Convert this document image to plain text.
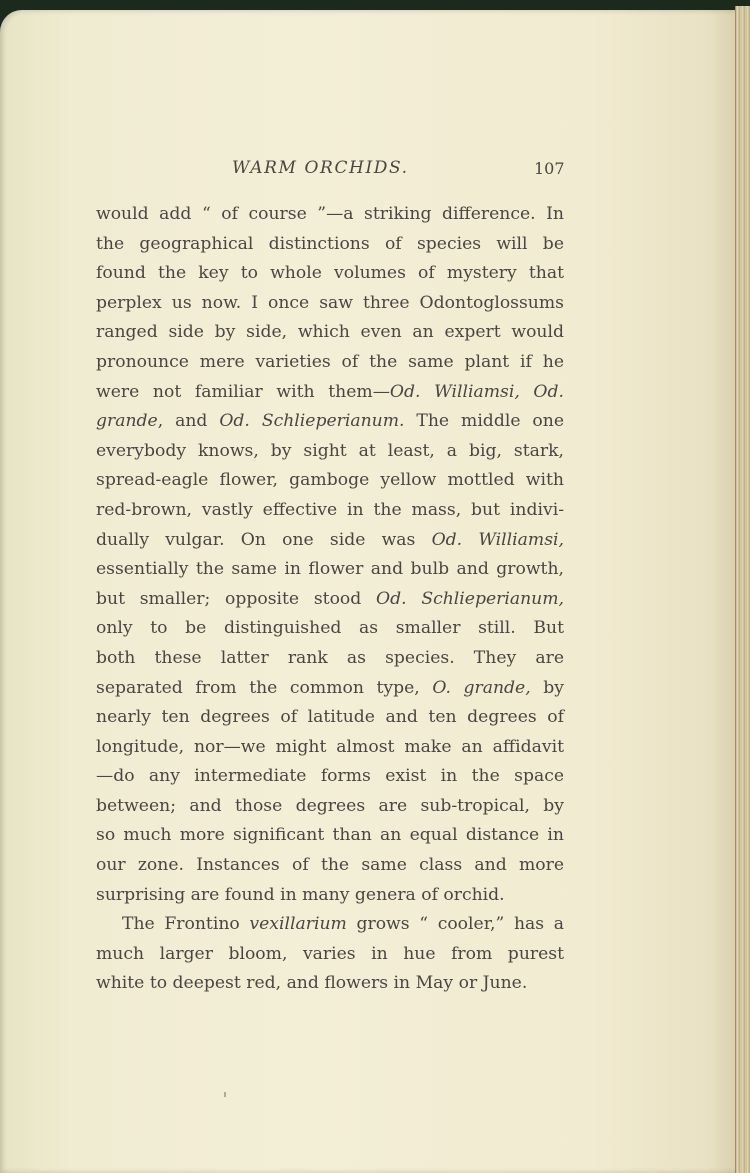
WARM ORCHIDS.	107
would add “ of course ”—a striking difference. In
the geographical distinctions of species will be
found the key to whole volumes of mystery that
perplex us now. I once saw three Odontoglossums
ranged side by side, which even an expert would
pronounce mere varieties of the same plant if he
were not familiar with them—Od. Williamsi, Od.
grande, and Od. Schlieperianum. The middle one
everybody knows, by sight at least, a big, stark,
spread-eagle flower, gamboge yellow mottled with
red-brown, vastly effective in the mass, but indivi-
dually vulgar. On one side was Od. Williamsi,
essentially the same in flower and bulb and growth,
but smaller; opposite stood Od. Schlieperianum,
only to be distinguished as smaller still. But
both these latter rank as species. They are
separated from the common type, O. grande, by
nearly ten degrees of latitude and ten degrees of
longitude, nor—we might almost make an affidavit
—do any intermediate forms exist in the space
between; and those degrees are sub-tropical, by
so much more significant than an equal distance in
our zone. Instances of the same class and more
surprising are found in many genera of orchid.
The Frontino vexillarium grows “ cooler,” has a
much larger bloom, varies in hue from purest
white to deepest red, and flowers in May or June.
